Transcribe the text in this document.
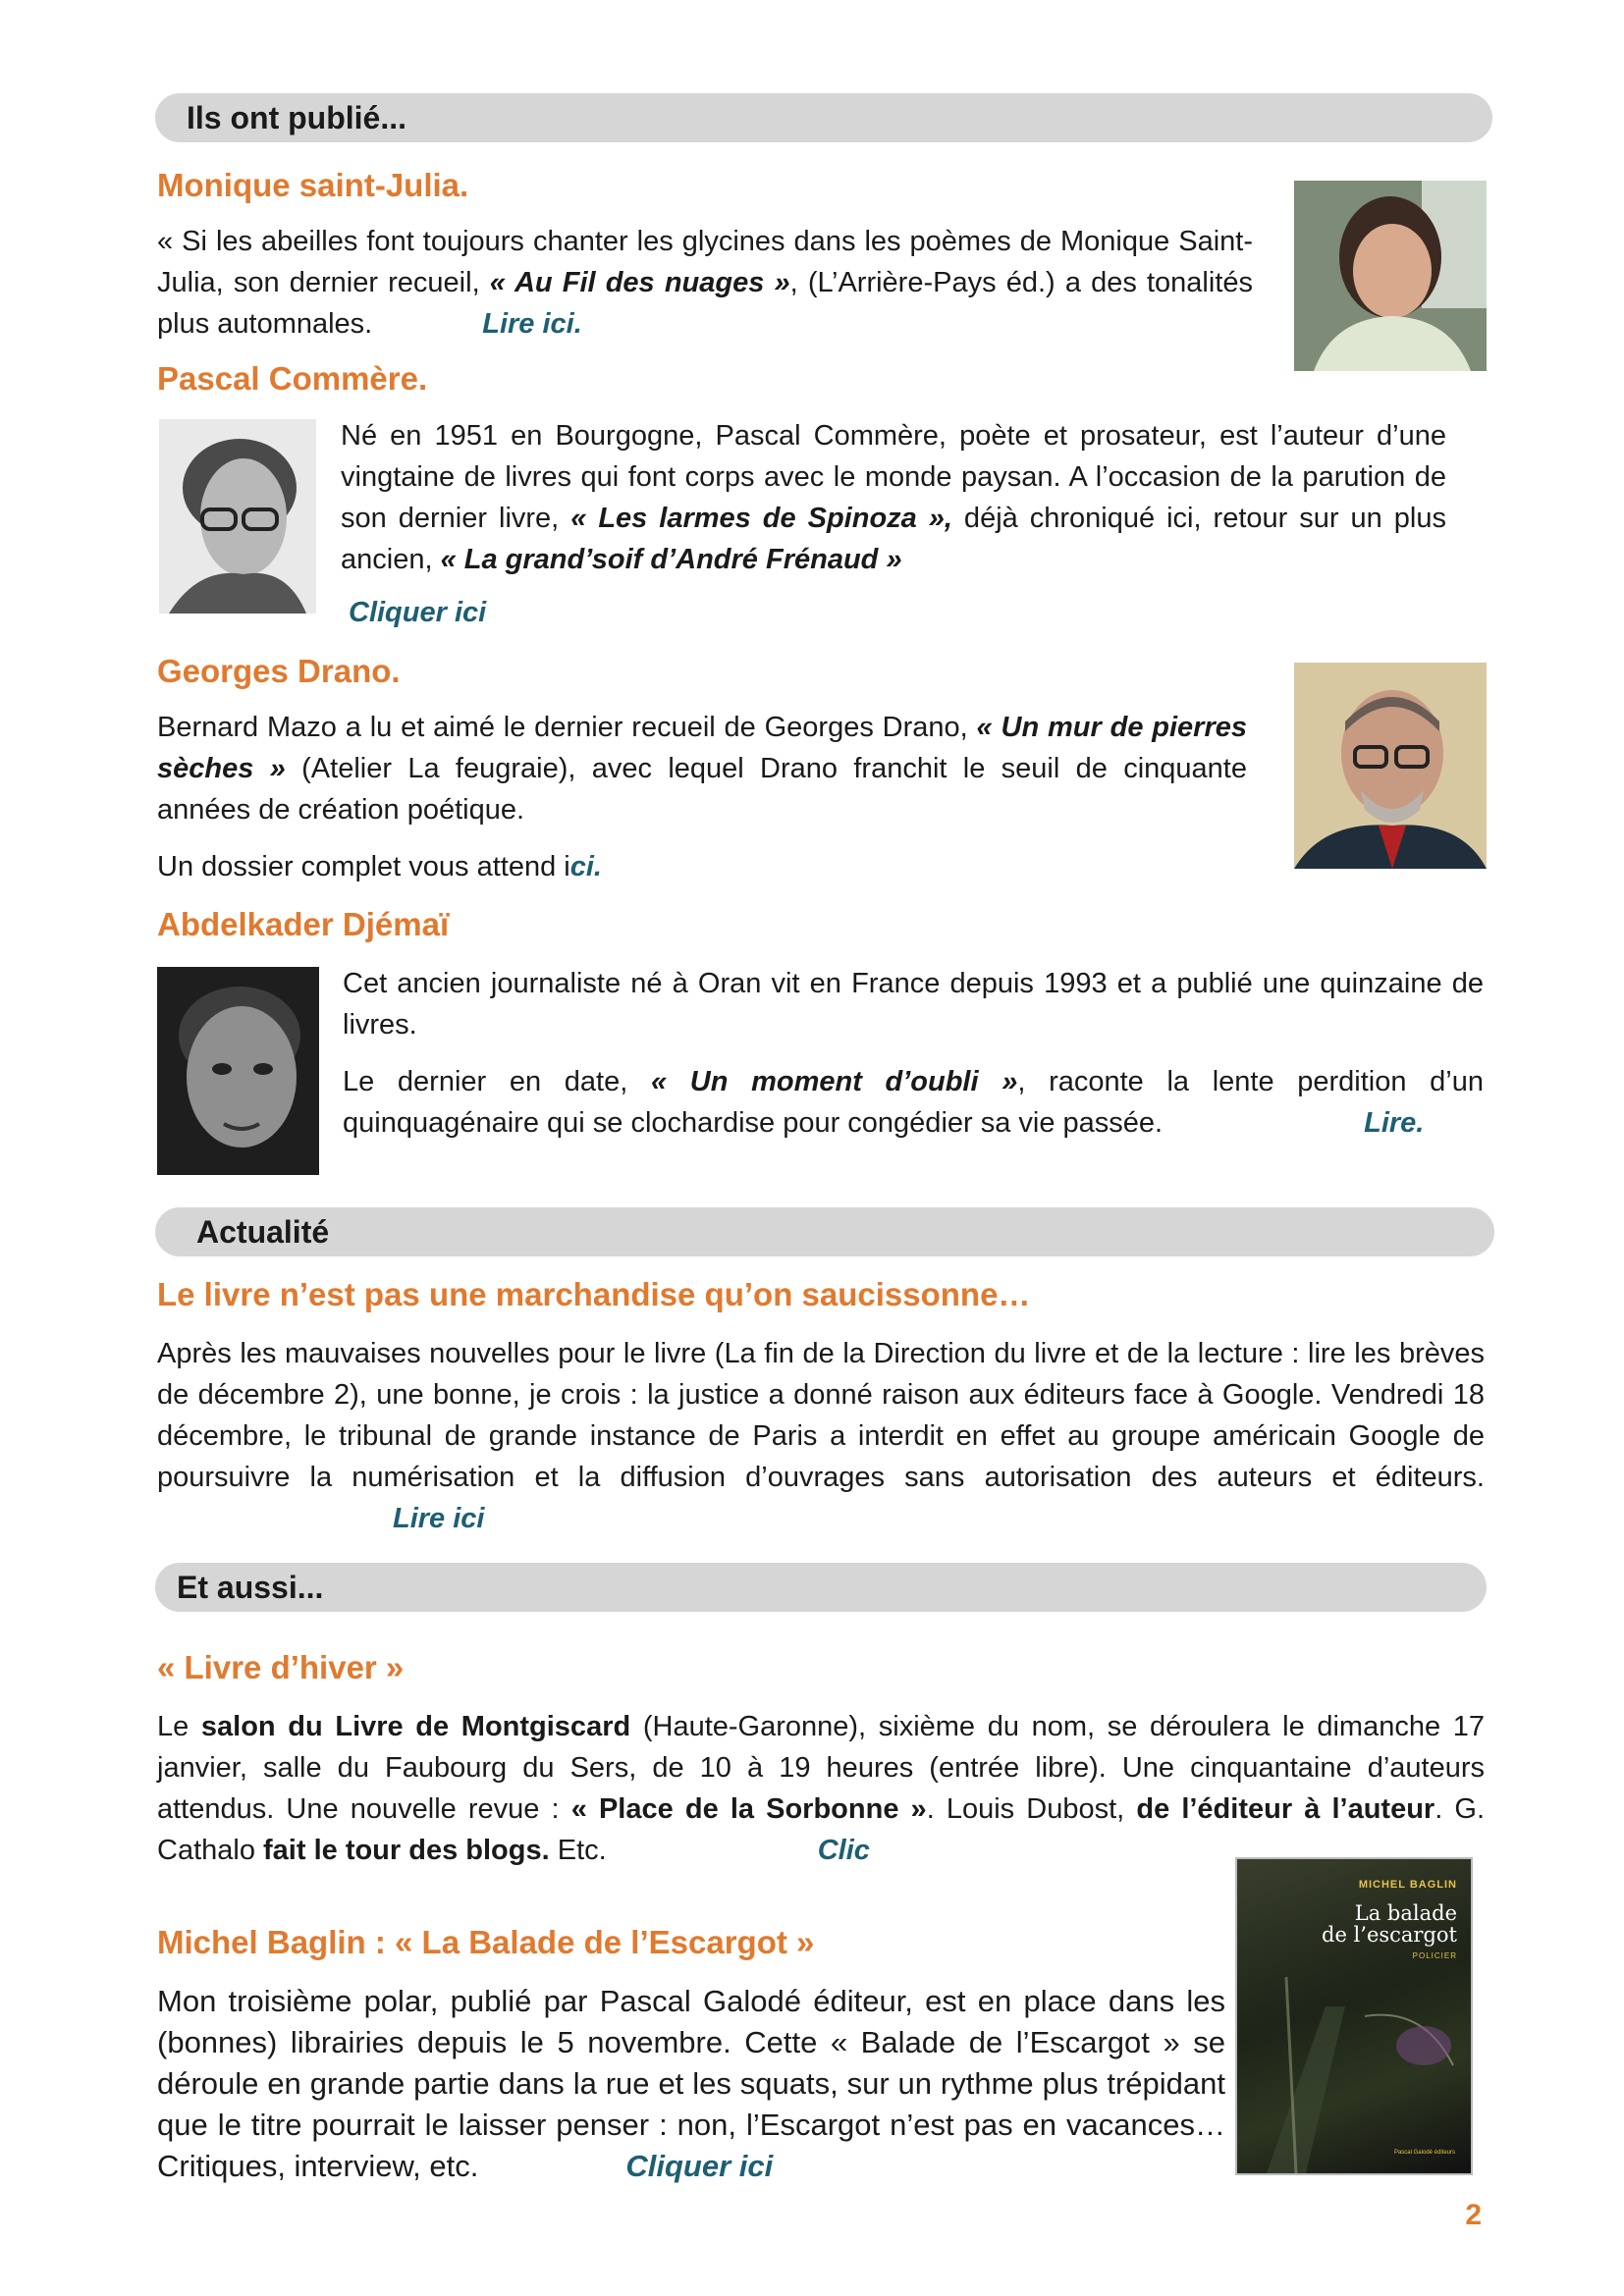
Ils ont publié...
Monique saint-Julia.

« Si les abeilles font toujours chanter les glycines dans les poèmes de Monique Saint-Julia, son dernier recueil, « Au Fil des nuages », (L’Arrière-Pays éd.) a des tonalités plus automnales.	Lire ici.

Pascal Commère.

Né en 1951 en Bourgogne, Pascal Commère, poète et prosateur, est l’auteur d’une vingtaine de livres qui font corps avec le monde paysan. A l’occasion de la parution de son dernier livre, « Les larmes de Spinoza », déjà chroniqué ici, retour sur un plus ancien, « La grand’soif d’André Frénaud »

Cliquer ici
Georges Drano.

Bernard Mazo a lu et aimé le dernier recueil de Georges Drano, « Un mur de pierres sèches » (Atelier La feugraie), avec lequel Drano franchit le seuil de cinquante années de création poétique.

Un dossier complet vous attend ici.

Abdelkader Djémaï

Cet ancien journaliste né à Oran vit en France depuis 1993 et a publié une quinzaine de livres.

Le dernier en date, « Un moment d’oubli », raconte la lente perdition d’un quinquagénaire qui se clochardise pour congédier sa vie passée.	Lire.

Actualité
Le livre n’est pas une marchandise qu’on saucissonne…

Après les mauvaises nouvelles pour le livre (La fin de la Direction du livre et de la lecture : lire les brèves de décembre 2), une bonne, je crois : la justice a donné raison aux éditeurs face à Google. Vendredi 18 décembre, le tribunal de grande instance de Paris a interdit en effet au groupe américain Google de poursuivre la numérisation et la diffusion d’ouvrages sans autorisation des auteurs et éditeurs.Lire ici

Et aussi...
« Livre d’hiver »

Le salon du Livre de Montgiscard (Haute-Garonne), sixième du nom, se déroulera le dimanche 17 janvier, salle du Faubourg du Sers, de 10 à 19 heures (entrée libre). Une cinquantaine d’auteurs attendus. Une nouvelle revue : « Place de la Sorbonne ». Louis Dubost, de l’éditeur à l’auteur. G. Cathalo fait le tour des blogs. Etc.	Clic

Michel Baglin : « La Balade de l’Escargot »

Mon troisième polar, publié par Pascal Galodé éditeur, est en place dans les (bonnes) librairies depuis le 5 novembre. Cette « Balade de l’Escargot » se déroule en grande partie dans la rue et les squats, sur un rythme plus trépidant que le titre pourrait le laisser penser : non, l’Escargot n’est pas en vacances… Critiques, interview, etc.	Cliquer ici

MICHEL BAGLIN
La balade
de l’escargot
POLICIER
Pascal Galodé éditeurs
2
